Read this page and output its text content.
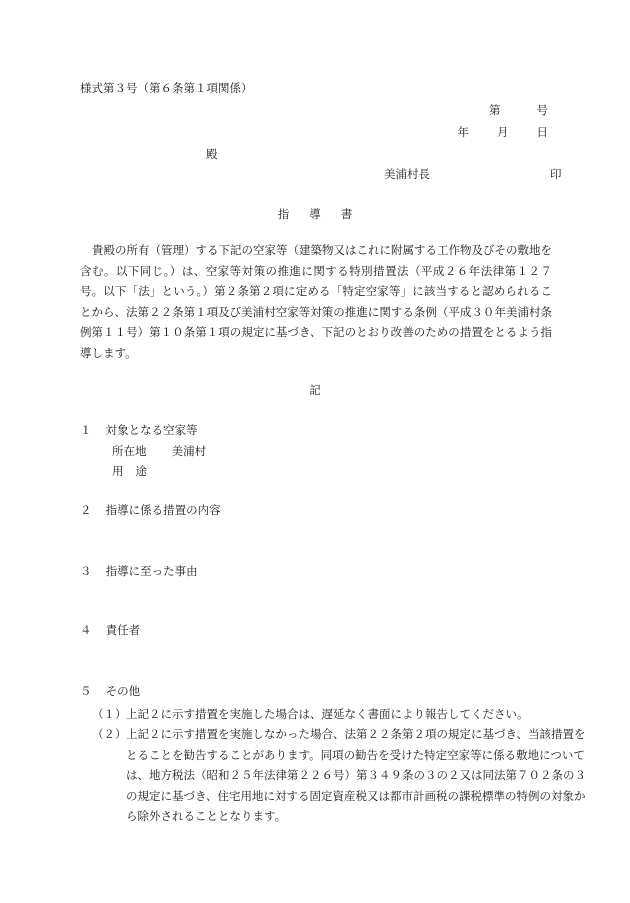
様式第３号（第６条第１項関係）
第	号
年 月 日
殿
美浦村長	印
指導書
貴殿の所有（管理）する下記の空家等（建築物又はこれに附属する工作物及びその敷地を含む。以下同じ。）は、空家等対策の推進に関する特別措置法（平成２６年法律第１２７号。以下「法」という。）第２条第２項に定める「特定空家等」に該当すると認められることから、法第２２条第１項及び美浦村空家等対策の推進に関する条例（平成３０年美浦村条例第１１号）第１０条第１項の規定に基づき、下記のとおり改善のための措置をとるよう指導します。
記
１ 対象となる空家等
所在地 美浦村
用途
２ 指導に係る措置の内容
３ 指導に至った事由
４ 責任者
５ その他
（１） 上記２に示す措置を実施した場合は、遅延なく書面により報告してください。
（２） 上記２に示す措置を実施しなかった場合、法第２２条第２項の規定に基づき、当該措置をとることを勧告することがあります。同項の勧告を受けた特定空家等に係る敷地については、地方税法（昭和２５年法律第２２６号）第３４９条の３の２又は同法第７０２条の３の規定に基づき、住宅用地に対する固定資産税又は都市計画税の課税標準の特例の対象から除外されることとなります。
